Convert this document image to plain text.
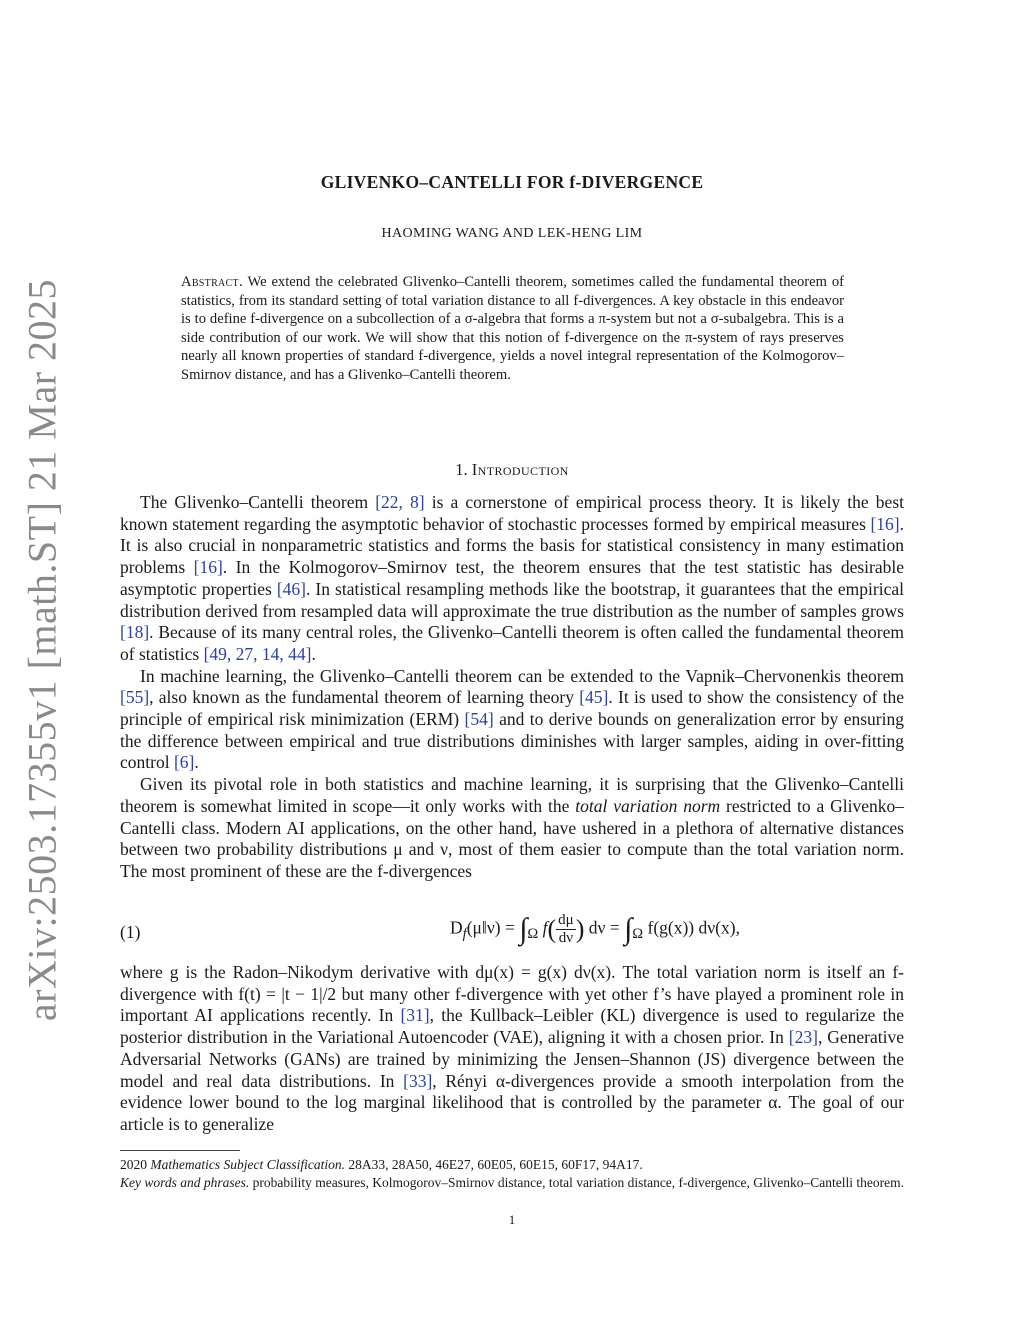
arXiv:2503.17355v1 [math.ST] 21 Mar 2025
GLIVENKO–CANTELLI FOR f-DIVERGENCE
HAOMING WANG AND LEK-HENG LIM
Abstract. We extend the celebrated Glivenko–Cantelli theorem, sometimes called the fundamental theorem of statistics, from its standard setting of total variation distance to all f-divergences. A key obstacle in this endeavor is to define f-divergence on a subcollection of a σ-algebra that forms a π-system but not a σ-subalgebra. This is a side contribution of our work. We will show that this notion of f-divergence on the π-system of rays preserves nearly all known properties of standard f-divergence, yields a novel integral representation of the Kolmogorov–Smirnov distance, and has a Glivenko–Cantelli theorem.
1. Introduction

The Glivenko–Cantelli theorem [22, 8] is a cornerstone of empirical process theory. It is likely the best known statement regarding the asymptotic behavior of stochastic processes formed by empirical measures [16]. It is also crucial in nonparametric statistics and forms the basis for statistical consistency in many estimation problems [16]. In the Kolmogorov–Smirnov test, the theorem ensures that the test statistic has desirable asymptotic properties [46]. In statistical resampling methods like the bootstrap, it guarantees that the empirical distribution derived from resampled data will approximate the true distribution as the number of samples grows [18]. Because of its many central roles, the Glivenko–Cantelli theorem is often called the fundamental theorem of statistics [49, 27, 14, 44].

In machine learning, the Glivenko–Cantelli theorem can be extended to the Vapnik–Chervonenkis theorem [55], also known as the fundamental theorem of learning theory [45]. It is used to show the consistency of the principle of empirical risk minimization (ERM) [54] and to derive bounds on generalization error by ensuring the difference between empirical and true distributions diminishes with larger samples, aiding in over-fitting control [6].

Given its pivotal role in both statistics and machine learning, it is surprising that the Glivenko–Cantelli theorem is somewhat limited in scope—it only works with the total variation norm restricted to a Glivenko–Cantelli class. Modern AI applications, on the other hand, have ushered in a plethora of alternative distances between two probability distributions μ and ν, most of them easier to compute than the total variation norm. The most prominent of these are the f-divergences

(1)	$D_f(\mu‖\nu) = \int_\Omega$ $f( \frac{d\mu}{d\nu}$ ) $d\nu = \int_\Omega$ f(g(x)) dν(x),

where g is the Radon–Nikodym derivative with dμ(x) = g(x) dν(x). The total variation norm is itself an f-divergence with f(t) = |t − 1|/2 but many other f-divergence with yet other f’s have played a prominent role in important AI applications recently. In [31], the Kullback–Leibler (KL) divergence is used to regularize the posterior distribution in the Variational Autoencoder (VAE), aligning it with a chosen prior. In [23], Generative Adversarial Networks (GANs) are trained by minimizing the Jensen–Shannon (JS) divergence between the model and real data distributions. In [33], Rényi α-divergences provide a smooth interpolation from the evidence lower bound to the log marginal likelihood that is controlled by the parameter α. The goal of our article is to generalize

2020 Mathematics Subject Classification. 28A33, 28A50, 46E27, 60E05, 60E15, 60F17, 94A17.
Key words and phrases. probability measures, Kolmogorov–Smirnov distance, total variation distance, f-divergence, Glivenko–Cantelli theorem.
1
